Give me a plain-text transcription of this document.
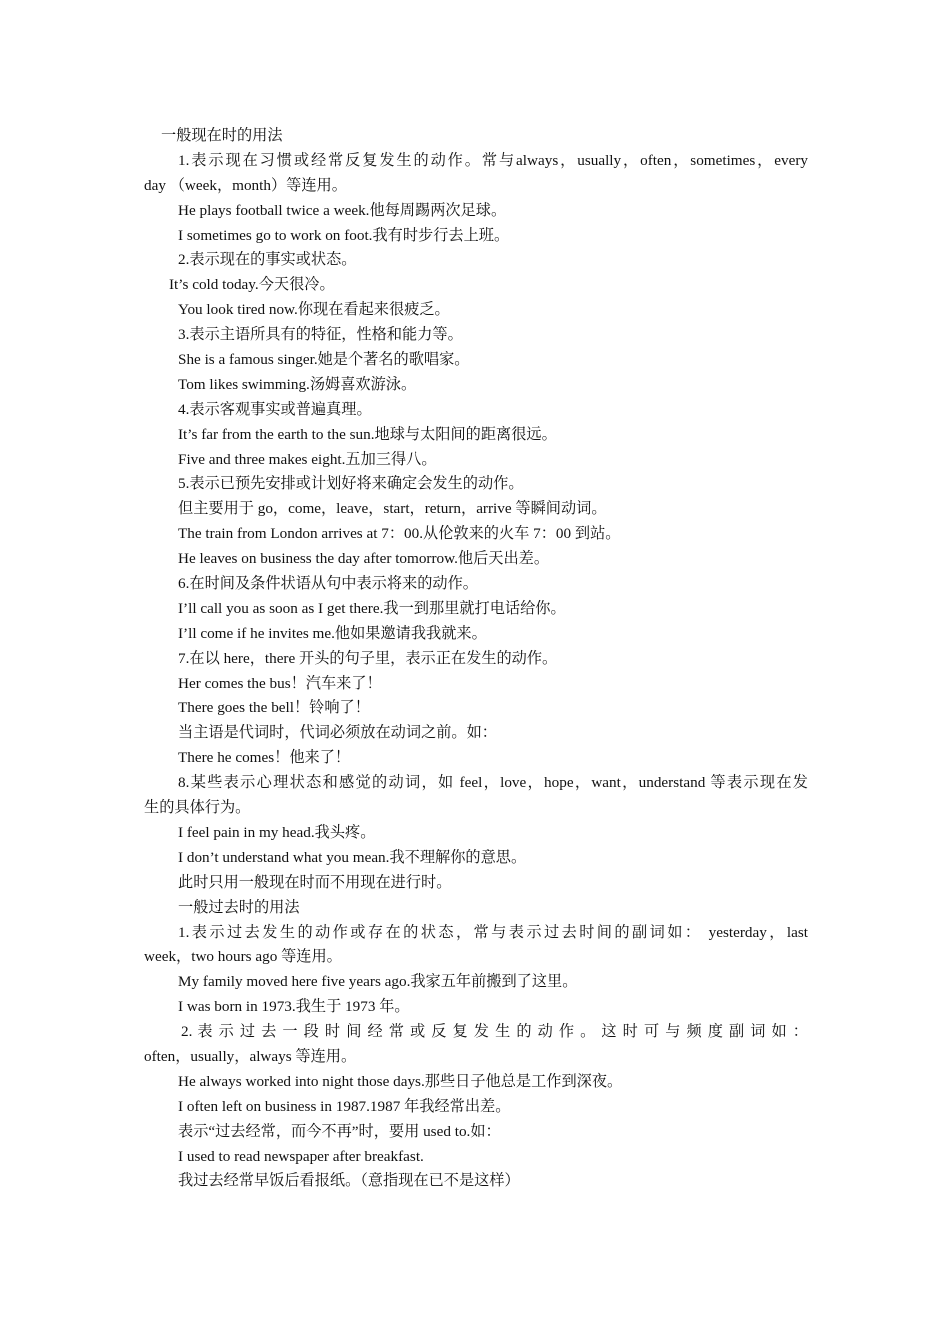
一般现在时的用法
1.表示现在习惯或经常反复发生的动作。常与always，usually，often，sometimes，every
day （week，month）等连用。
He plays football twice a week.他每周踢两次足球。
I sometimes go to work on foot.我有时步行去上班。
2.表示现在的事实或状态。
It’s cold today.今天很冷。
You look tired now.你现在看起来很疲乏。
3.表示主语所具有的特征，性格和能力等。
She is a famous singer.她是个著名的歌唱家。
Tom likes swimming.汤姆喜欢游泳。
4.表示客观事实或普遍真理。
It’s far from the earth to the sun.地球与太阳间的距离很远。
Five and three makes eight.五加三得八。
5.表示已预先安排或计划好将来确定会发生的动作。
但主要用于 go，come，leave，start，return，arrive 等瞬间动词。
The train from London arrives at 7：00.从伦敦来的火车 7：00 到站。
He leaves on business the day after tomorrow.他后天出差。
6.在时间及条件状语从句中表示将来的动作。
I’ll call you as soon as I get there.我一到那里就打电话给你。
I’ll come if he invites me.他如果邀请我我就来。
7.在以 here，there 开头的句子里，表示正在发生的动作。
Her comes the bus！汽车来了！
There goes the bell！铃响了！
当主语是代词时，代词必须放在动词之前。如：
There he comes！他来了！
8.某些表示心理状态和感觉的动词，如 feel，love，hope，want，understand 等表示现在发
生的具体行为。
I feel pain in my head.我头疼。
I don’t understand what you mean.我不理解你的意思。
此时只用一般现在时而不用现在进行时。
一般过去时的用法
1.表示过去发生的动作或存在的状态，常与表示过去时间的副词如： yesterday，last
week，two hours ago 等连用。
My family moved here five years ago.我家五年前搬到了这里。
I was born in 1973.我生于 1973 年。
2. 表 示 过 去 一 段 时 间 经 常 或 反 复 发 生 的 动 作 。 这 时 可 与 频 度 副 词 如 ：
often，usually，always 等连用。
He always worked into night those days.那些日子他总是工作到深夜。
I often left on business in 1987.1987 年我经常出差。
表示“过去经常，而今不再”时，要用 used to.如：
I used to read newspaper after breakfast.
我过去经常早饭后看报纸。（意指现在已不是这样）
